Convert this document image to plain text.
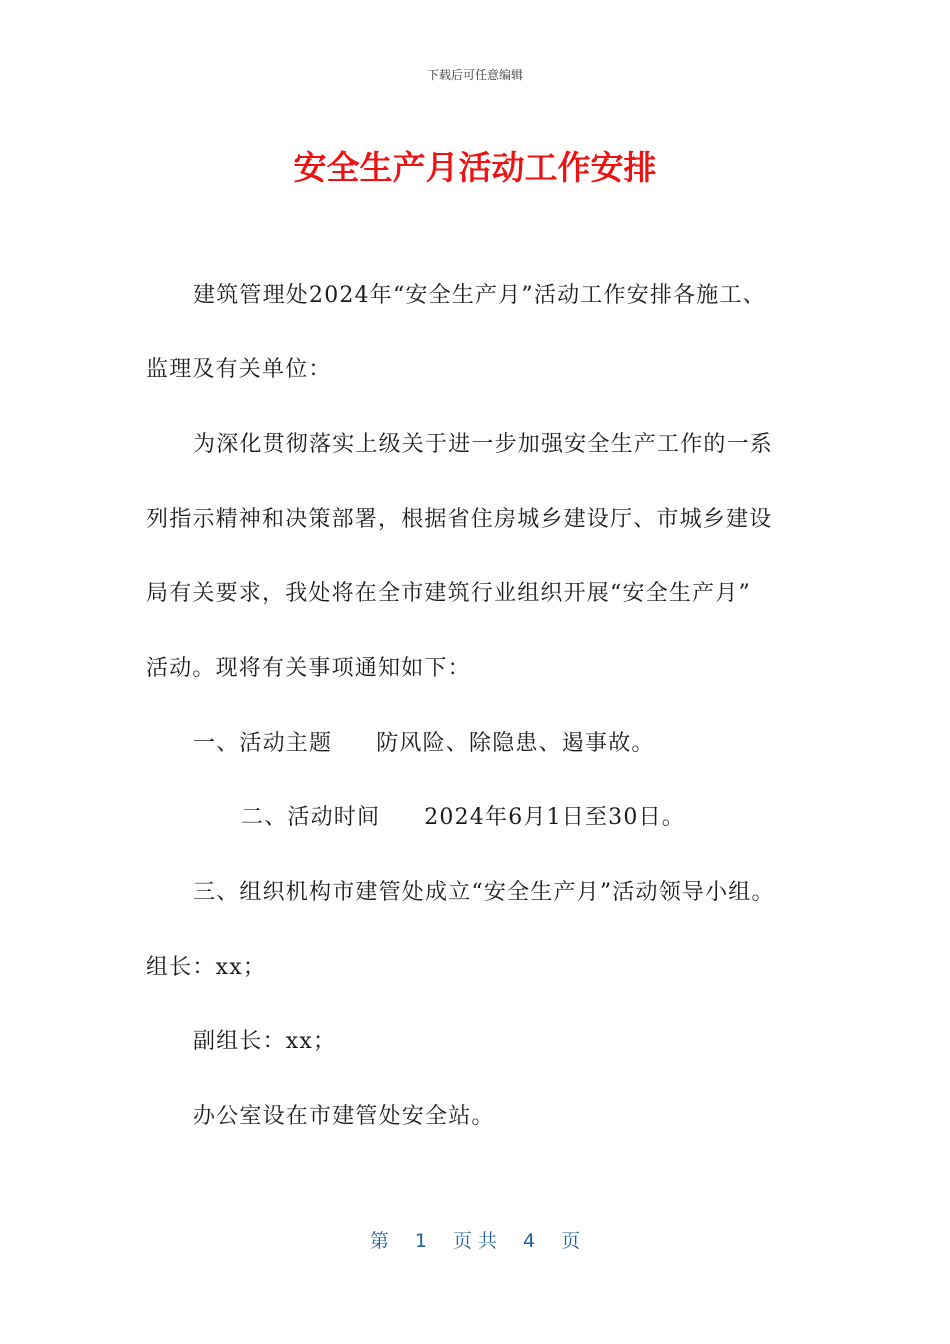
下载后可任意编辑
安全生产月活动工作安排
建筑管理处2024年“安全生产月”活动工作安排各施工、
监理及有关单位：
为深化贯彻落实上级关于进一步加强安全生产工作的一系
列指示精神和决策部署，根据省住房城乡建设厅、市城乡建设
局有关要求，我处将在全市建筑行业组织开展“安全生产月”
活动。现将有关事项通知如下：
一、活动主题 防风险、除隐患、遏事故。
二、活动时间 2024年6月1日至30日。
三、组织机构市建管处成立“安全生产月”活动领导小组。
组长：xx；
副组长：xx；
办公室设在市建管处安全站。
第 1 页 共 4 页
